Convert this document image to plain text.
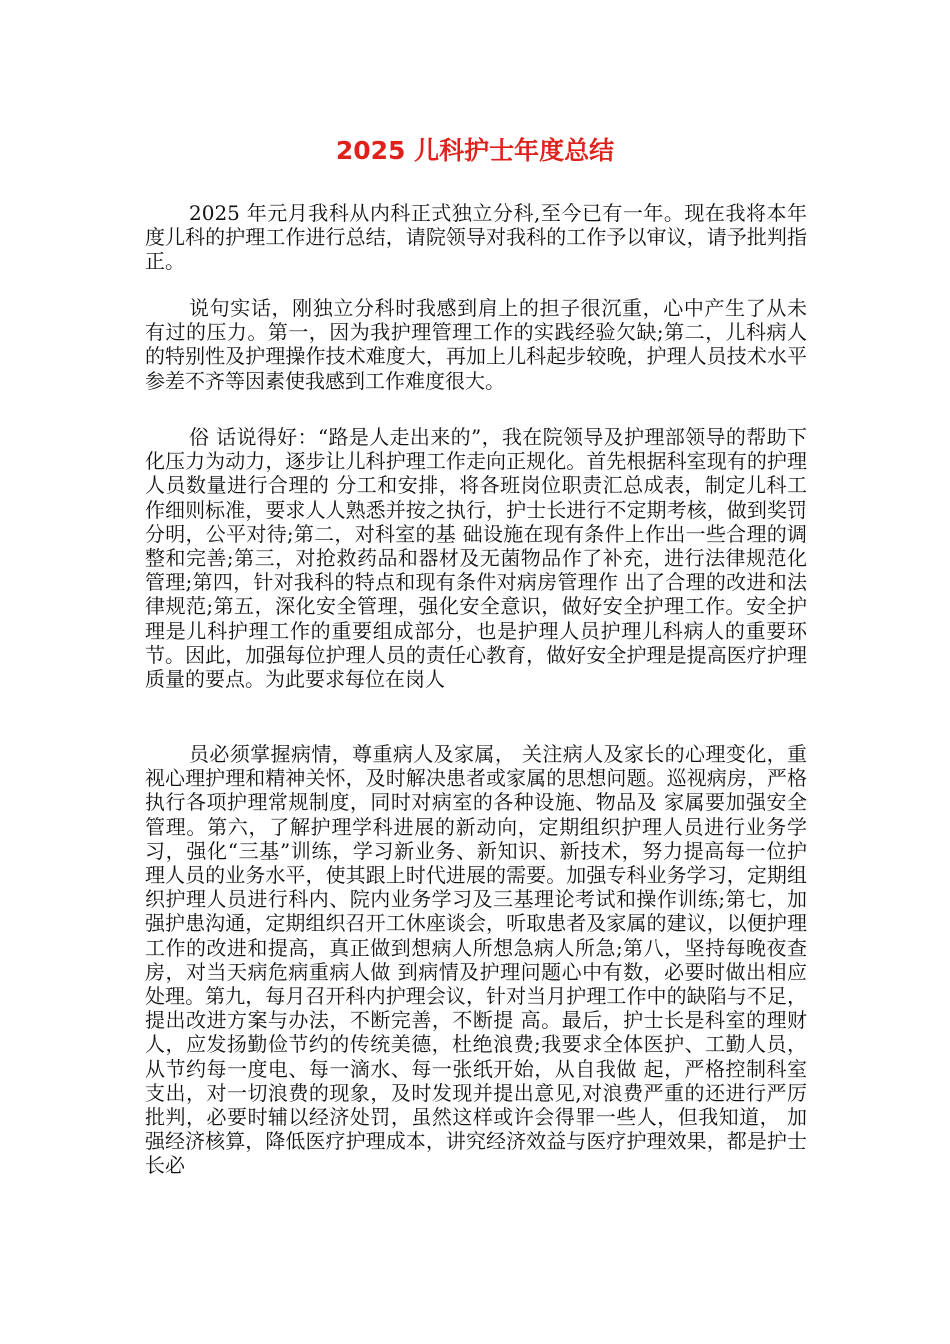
2025 儿科护士年度总结

2025 年元月我科从内科正式独立分科,至今已有一年。现在我将本年度儿科的护理工作进行总结，请院领导对我科的工作予以审议，请予批判指正。

说句实话，刚独立分科时我感到肩上的担子很沉重，心中产生了从未有过的压力。第一，因为我护理管理工作的实践经验欠缺;第二，儿科病人的特别性及护理操作技术难度大，再加上儿科起步较晚，护理人员技术水平参差不齐等因素使我感到工作难度很大。

俗 话说得好：“路是人走出来的”，我在院领导及护理部领导的帮助下化压力为动力，逐步让儿科护理工作走向正规化。首先根据科室现有的护理人员数量进行合理的 分工和安排，将各班岗位职责汇总成表，制定儿科工作细则标准，要求人人熟悉并按之执行，护士长进行不定期考核，做到奖罚分明，公平对待;第二，对科室的基 础设施在现有条件上作出一些合理的调整和完善;第三，对抢救药品和器材及无菌物品作了补充，进行法律规范化管理;第四，针对我科的特点和现有条件对病房管理作 出了合理的改进和法律规范;第五，深化安全管理，强化安全意识，做好安全护理工作。安全护理是儿科护理工作的重要组成部分，也是护理人员护理儿科病人的重要环 节。因此，加强每位护理人员的责任心教育，做好安全护理是提高医疗护理质量的要点。为此要求每位在岗人

员必须掌握病情，尊重病人及家属， 关注病人及家长的心理变化，重视心理护理和精神关怀，及时解决患者或家属的思想问题。巡视病房，严格执行各项护理常规制度，同时对病室的各种设施、物品及 家属要加强安全管理。第六，了解护理学科进展的新动向，定期组织护理人员进行业务学习，强化“三基”训练，学习新业务、新知识、新技术，努力提高每一位护 理人员的业务水平，使其跟上时代进展的需要。加强专科业务学习，定期组织护理人员进行科内、院内业务学习及三基理论考试和操作训练;第七，加强护患沟通，定期组织召开工休座谈会，听取患者及家属的建议，以便护理工作的改进和提高，真正做到想病人所想急病人所急;第八，坚持每晚夜查房，对当天病危病重病人做 到病情及护理问题心中有数，必要时做出相应处理。第九，每月召开科内护理会议，针对当月护理工作中的缺陷与不足，提出改进方案与办法，不断完善，不断提 高。最后，护士长是科室的理财人，应发扬勤俭节约的传统美德，杜绝浪费;我要求全体医护、工勤人员，从节约每一度电、每一滴水、每一张纸开始，从自我做 起，严格控制科室支出，对一切浪费的现象，及时发现并提出意见,对浪费严重的还进行严厉批判，必要时辅以经济处罚，虽然这样或许会得罪一些人，但我知道， 加强经济核算，降低医疗护理成本，讲究经济效益与医疗护理效果，都是护士长必
